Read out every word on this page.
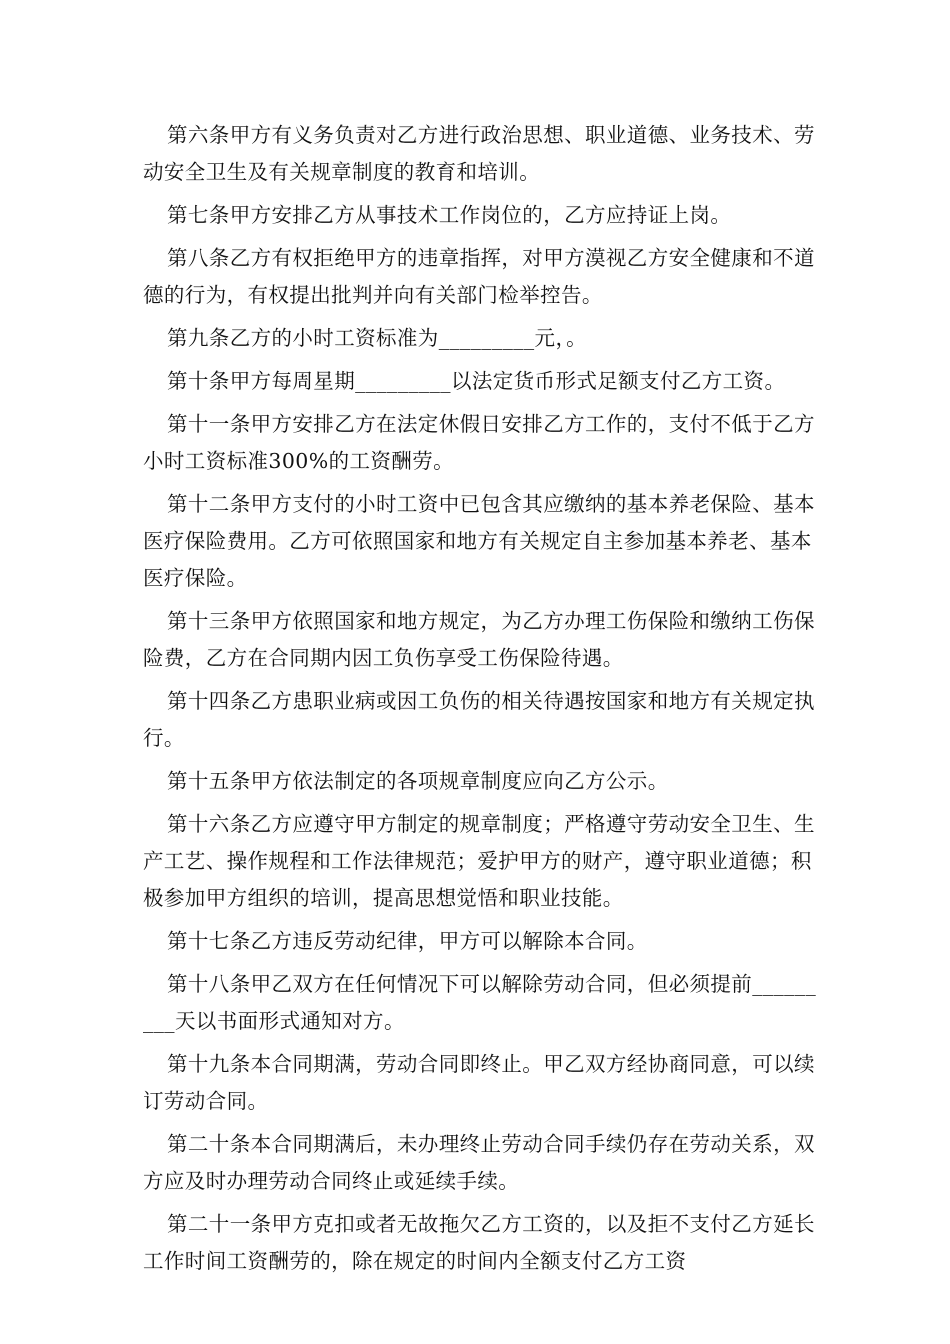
第六条甲方有义务负责对乙方进行政治思想、职业道德、业务技术、劳动安全卫生及有关规章制度的教育和培训。

第七条甲方安排乙方从事技术工作岗位的，乙方应持证上岗。

第八条乙方有权拒绝甲方的违章指挥，对甲方漠视乙方安全健康和不道德的行为，有权提出批判并向有关部门检举控告。

第九条乙方的小时工资标准为_________元，。

第十条甲方每周星期_________以法定货币形式足额支付乙方工资。

第十一条甲方安排乙方在法定休假日安排乙方工作的，支付不低于乙方小时工资标准300%的工资酬劳。

第十二条甲方支付的小时工资中已包含其应缴纳的基本养老保险、基本医疗保险费用。乙方可依照国家和地方有关规定自主参加基本养老、基本医疗保险。

第十三条甲方依照国家和地方规定，为乙方办理工伤保险和缴纳工伤保险费，乙方在合同期内因工负伤享受工伤保险待遇。

第十四条乙方患职业病或因工负伤的相关待遇按国家和地方有关规定执行。

第十五条甲方依法制定的各项规章制度应向乙方公示。

第十六条乙方应遵守甲方制定的规章制度；严格遵守劳动安全卫生、生产工艺、操作规程和工作法律规范；爱护甲方的财产，遵守职业道德；积极参加甲方组织的培训，提高思想觉悟和职业技能。

第十七条乙方违反劳动纪律，甲方可以解除本合同。

第十八条甲乙双方在任何情况下可以解除劳动合同，但必须提前_________天以书面形式通知对方。

第十九条本合同期满，劳动合同即终止。甲乙双方经协商同意，可以续订劳动合同。

第二十条本合同期满后，未办理终止劳动合同手续仍存在劳动关系，双方应及时办理劳动合同终止或延续手续。

第二十一条甲方克扣或者无故拖欠乙方工资的，以及拒不支付乙方延长工作时间工资酬劳的，除在规定的时间内全额支付乙方工资
